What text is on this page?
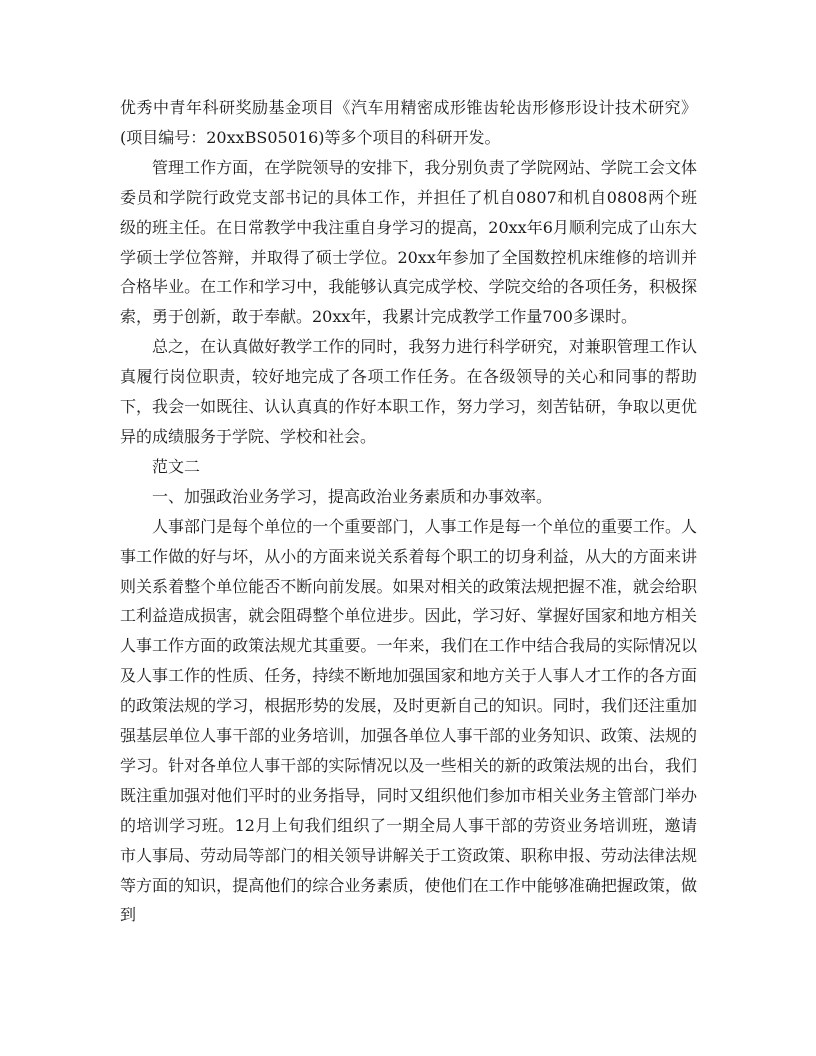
优秀中青年科研奖励基金项目《汽车用精密成形锥齿轮齿形修形设计技术研究》(项目编号：20xxBS05016)等多个项目的科研开发。

管理工作方面，在学院领导的安排下，我分别负责了学院网站、学院工会文体委员和学院行政党支部书记的具体工作，并担任了机自0807和机自0808两个班级的班主任。在日常教学中我注重自身学习的提高，20xx年6月顺利完成了山东大学硕士学位答辩，并取得了硕士学位。20xx年参加了全国数控机床维修的培训并合格毕业。在工作和学习中，我能够认真完成学校、学院交给的各项任务，积极探索，勇于创新，敢于奉献。20xx年，我累计完成教学工作量700多课时。

总之，在认真做好教学工作的同时，我努力进行科学研究，对兼职管理工作认真履行岗位职责，较好地完成了各项工作任务。在各级领导的关心和同事的帮助下，我会一如既往、认认真真的作好本职工作，努力学习，刻苦钻研，争取以更优异的成绩服务于学院、学校和社会。

范文二

一、加强政治业务学习，提高政治业务素质和办事效率。

人事部门是每个单位的一个重要部门，人事工作是每一个单位的重要工作。人事工作做的好与坏，从小的方面来说关系着每个职工的切身利益，从大的方面来讲则关系着整个单位能否不断向前发展。如果对相关的政策法规把握不准，就会给职工利益造成损害，就会阻碍整个单位进步。因此，学习好、掌握好国家和地方相关人事工作方面的政策法规尤其重要。一年来，我们在工作中结合我局的实际情况以及人事工作的性质、任务，持续不断地加强国家和地方关于人事人才工作的各方面的政策法规的学习，根据形势的发展，及时更新自己的知识。同时，我们还注重加强基层单位人事干部的业务培训，加强各单位人事干部的业务知识、政策、法规的学习。针对各单位人事干部的实际情况以及一些相关的新的政策法规的出台，我们既注重加强对他们平时的业务指导，同时又组织他们参加市相关业务主管部门举办的培训学习班。12月上旬我们组织了一期全局人事干部的劳资业务培训班，邀请市人事局、劳动局等部门的相关领导讲解关于工资政策、职称申报、劳动法律法规等方面的知识，提高他们的综合业务素质，使他们在工作中能够准确把握政策，做到
